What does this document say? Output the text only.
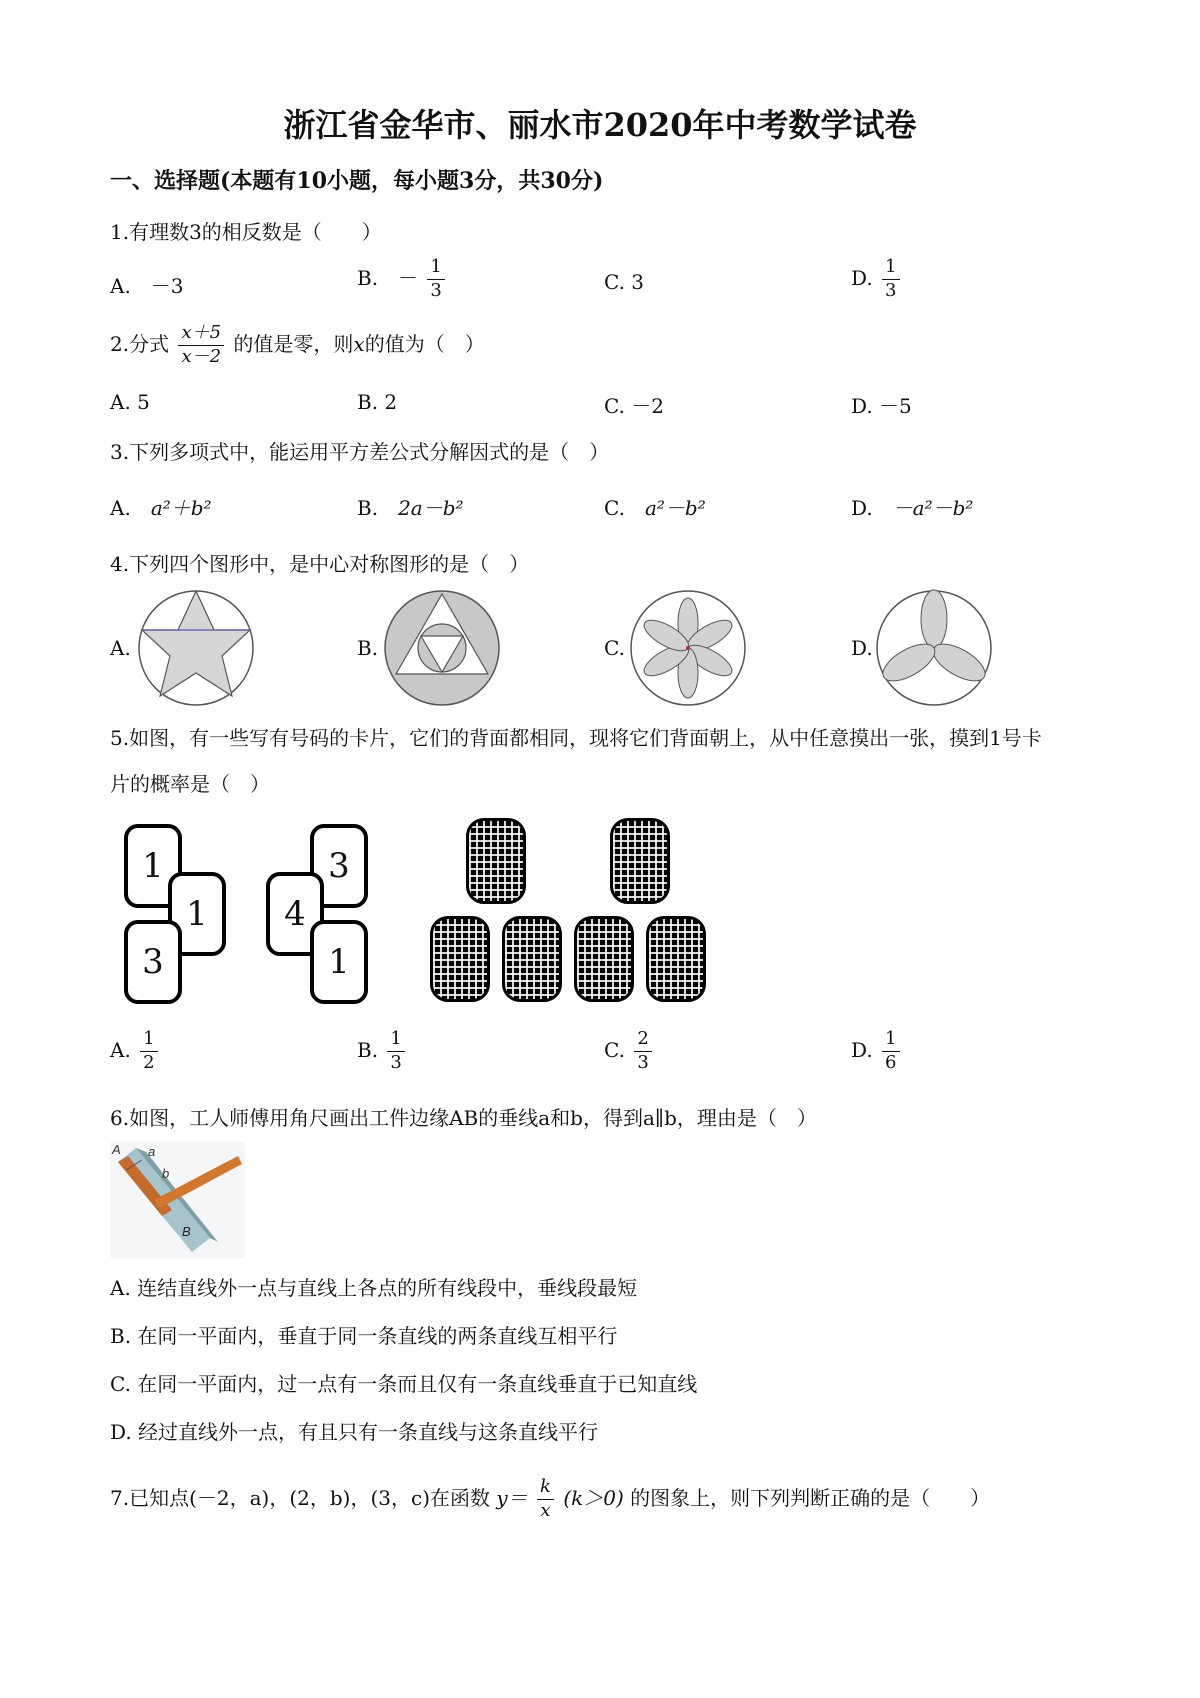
浙江省金华市、丽水市2020年中考数学试卷
一、选择题(本题有10小题，每小题3分，共30分)
1.有理数3的相反数是（　　）
A.　－3	B.　－ $\frac{1}{3}$	C. 3	D. $\frac{1}{3}$
2.分式 $\frac{x+5}{x-2}$ 的值是零，则x的值为（　）
A. 5	B. 2	C. －2	D. －5
3.下列多项式中，能运用平方差公式分解因式的是（　）
A.　 a²＋b²	B.　 2a－b²	C.　 a²－b²	D.　 －a²－b²
4.下列四个图形中，是中心对称图形的是（　）
A.	B.	C.	D.
5.如图，有一些写有号码的卡片，它们的背面都相同，现将它们背面朝上，从中任意摸出一张，摸到1号卡
片的概率是（　）
1
1
3
3
4
1
A. $\frac{1}{2}$	B. $\frac{1}{3}$	C. $\frac{2}{3}$	D. $\frac{1}{6}$
6.如图，工人师傅用角尺画出工件边缘AB的垂线a和b，得到a∥b，理由是（　）
A a
b
B
A. 连结直线外一点与直线上各点的所有线段中，垂线段最短
B. 在同一平面内，垂直于同一条直线的两条直线互相平行
C. 在同一平面内，过一点有一条而且仅有一条直线垂直于已知直线
D. 经过直线外一点，有且只有一条直线与这条直线平行
7.已知点(－2，a)，(2，b)，(3，c)在函数 $y= \frac{k}{x} (k>0)$ 的图象上，则下列判断正确的是（　　）
